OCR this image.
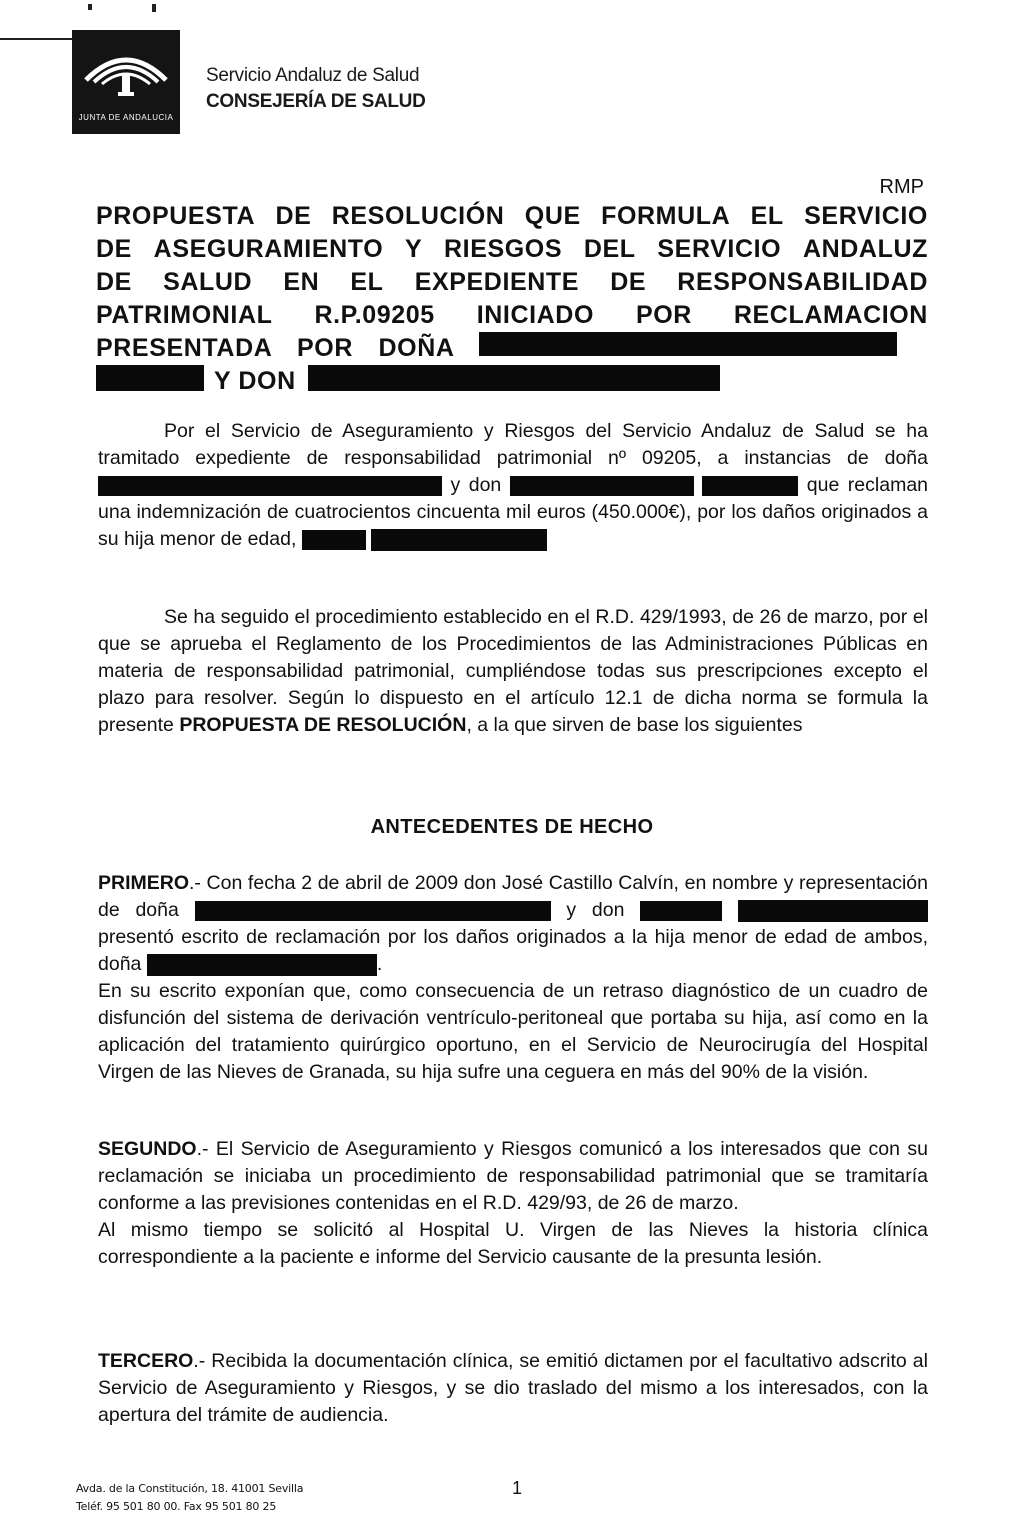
JUNTA DE ANDALUCIA
Servicio Andaluz de Salud
CONSEJERÍA DE SALUD
RMP
PROPUESTA DE RESOLUCIÓN QUE FORMULA EL SERVICIO
DE ASEGURAMIENTO Y RIESGOS DEL SERVICIO ANDALUZ
DE SALUD EN EL EXPEDIENTE DE RESPONSABILIDAD
PATRIMONIAL R.P.09205 INICIADO POR RECLAMACION
PRESENTADA POR DOÑA
Y DON

Por el Servicio de Aseguramiento y Riesgos del Servicio Andaluz de Salud se ha tramitado expediente de responsabilidad patrimonial nº 09205, a instancias de doña  y don	que reclaman una indemnización de cuatrocientos cincuenta mil euros (450.000€), por los daños originados a su hija menor de edad,

Se ha seguido el procedimiento establecido en el R.D. 429/1993, de 26 de marzo, por el que se aprueba el Reglamento de los Procedimientos de las Administraciones Públicas en materia de responsabilidad patrimonial, cumpliéndose todas sus prescripciones excepto el plazo para resolver. Según lo dispuesto en el artículo 12.1 de dicha norma se formula la presente PROPUESTA DE RESOLUCIÓN, a la que sirven de base los siguientes

ANTECEDENTES DE HECHO

PRIMERO.- Con fecha 2 de abril de 2009 don José Castillo Calvín, en nombre y representación de doña	y don   presentó escrito de reclamación por los daños originados a la hija menor de edad de ambos, doña	.

En su escrito exponían que, como consecuencia de un retraso diagnóstico de un cuadro de disfunción del sistema de derivación ventrículo-peritoneal que portaba su hija, así como en la aplicación del tratamiento quirúrgico oportuno, en el Servicio de Neurocirugía del Hospital Virgen de las Nieves de Granada, su hija sufre una ceguera en más del 90% de la visión.

SEGUNDO.- El Servicio de Aseguramiento y Riesgos comunicó a los interesados que con su reclamación se iniciaba un procedimiento de responsabilidad patrimonial que se tramitaría conforme a las previsiones contenidas en el R.D. 429/93, de 26 de marzo.

Al mismo tiempo se solicitó al Hospital U. Virgen de las Nieves la historia clínica correspondiente a la paciente e informe del Servicio causante de la presunta lesión.

TERCERO.- Recibida la documentación clínica, se emitió dictamen por el facultativo adscrito al Servicio de Aseguramiento y Riesgos, y se dio traslado del mismo a los interesados, con la apertura del trámite de audiencia.

Avda. de la Constitución, 18. 41001 Sevilla
Teléf. 95 501 80 00. Fax 95 501 80 25
1
